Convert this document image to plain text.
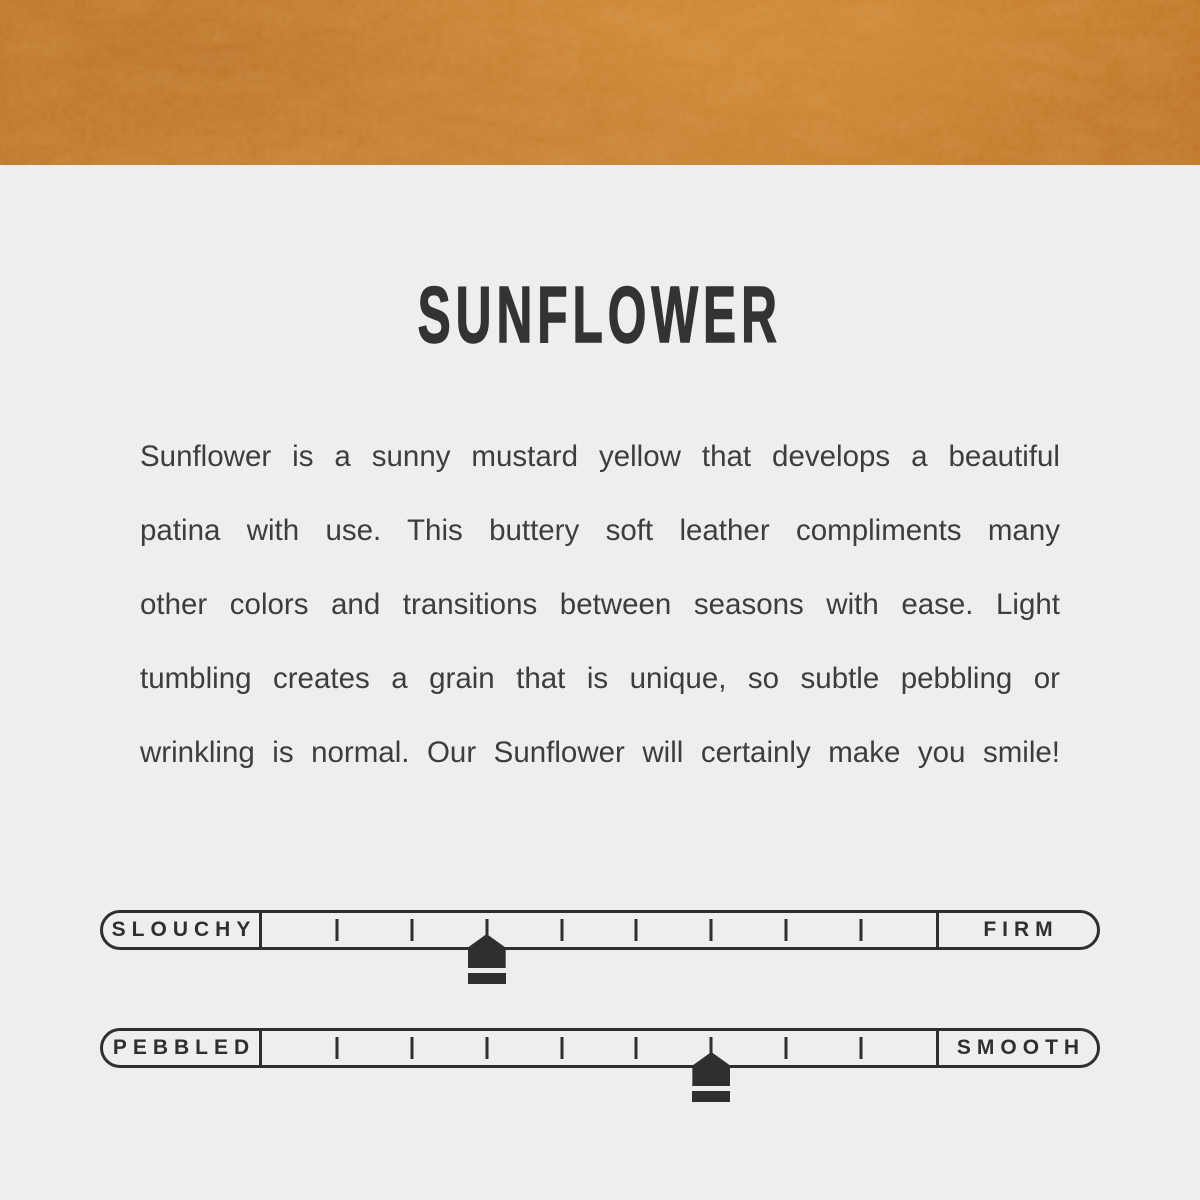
SUNFLOWER
Sunflower is a sunny mustard yellow that develops a beautiful
patina with use. This buttery soft leather compliments many
other colors and transitions between seasons with ease. Light
tumbling creates a grain that is unique, so subtle pebbling or
wrinkling is normal. Our Sunflower will certainly make you smile!
SLOUCHY	FIRM
PEBBLED	SMOOTH
